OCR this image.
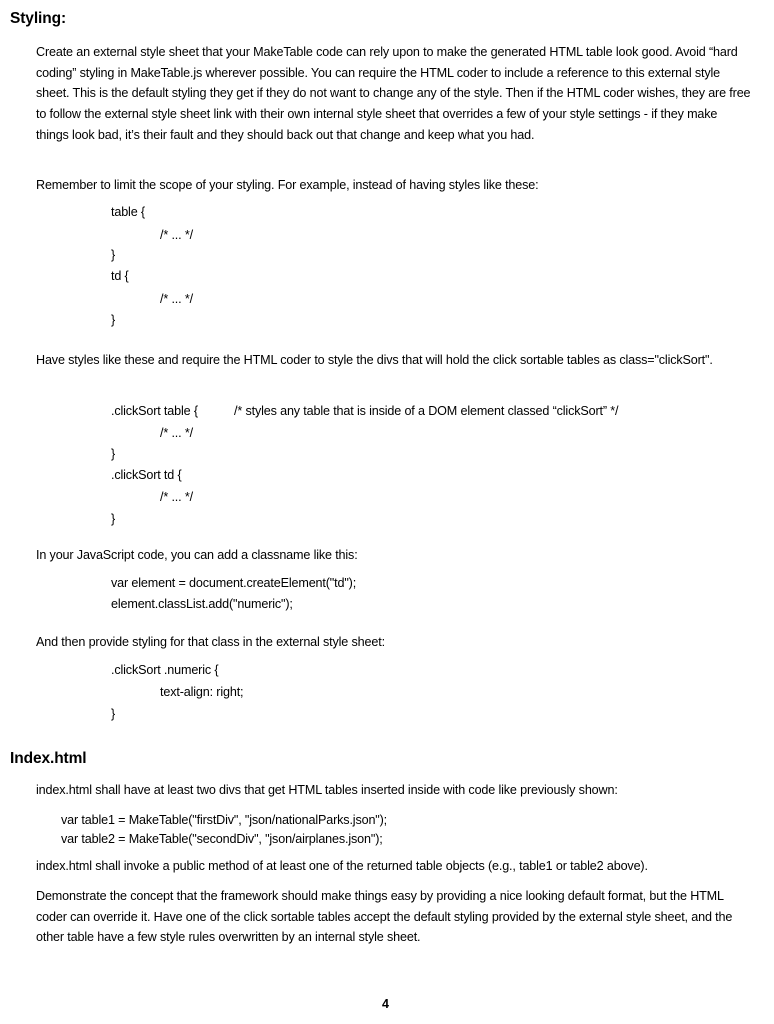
Styling:

Create an external style sheet that your MakeTable code can rely upon to make the generated HTML table look good. Avoid “hard coding” styling in MakeTable.js wherever possible. You can require the HTML coder to include a reference to this external style sheet. This is the default styling they get if they do not want to change any of the style. Then if the HTML coder wishes, they are free to follow the external style sheet link with their own internal style sheet that overrides a few of your style settings - if they make things look bad, it’s their fault and they should back out that change and keep what you had.

Remember to limit the scope of your styling. For example, instead of having styles like these:

table {
/* ... */
}
td {
/* ... */
}

Have styles like these and require the HTML coder to style the divs that will hold the click sortable tables as class="clickSort".

.clickSort table {	/* styles any table that is inside of a DOM element classed “clickSort” */
/* ... */
}
.clickSort td {
/* ... */
}

In your JavaScript code, you can add a classname like this:

var element = document.createElement("td");
element.classList.add("numeric");

And then provide styling for that class in the external style sheet:

.clickSort .numeric {
text-align: right;
}
Index.html

index.html shall have at least two divs that get HTML tables inserted inside with code like previously shown:

var table1 = MakeTable("firstDiv", "json/nationalParks.json");
var table2 = MakeTable("secondDiv", "json/airplanes.json");

index.html shall invoke a public method of at least one of the returned table objects (e.g., table1 or table2 above).

Demonstrate the concept that the framework should make things easy by providing a nice looking default format, but the HTML coder can override it. Have one of the click sortable tables accept the default styling provided by the external style sheet, and the other table have a few style rules overwritten by an internal style sheet.

4
